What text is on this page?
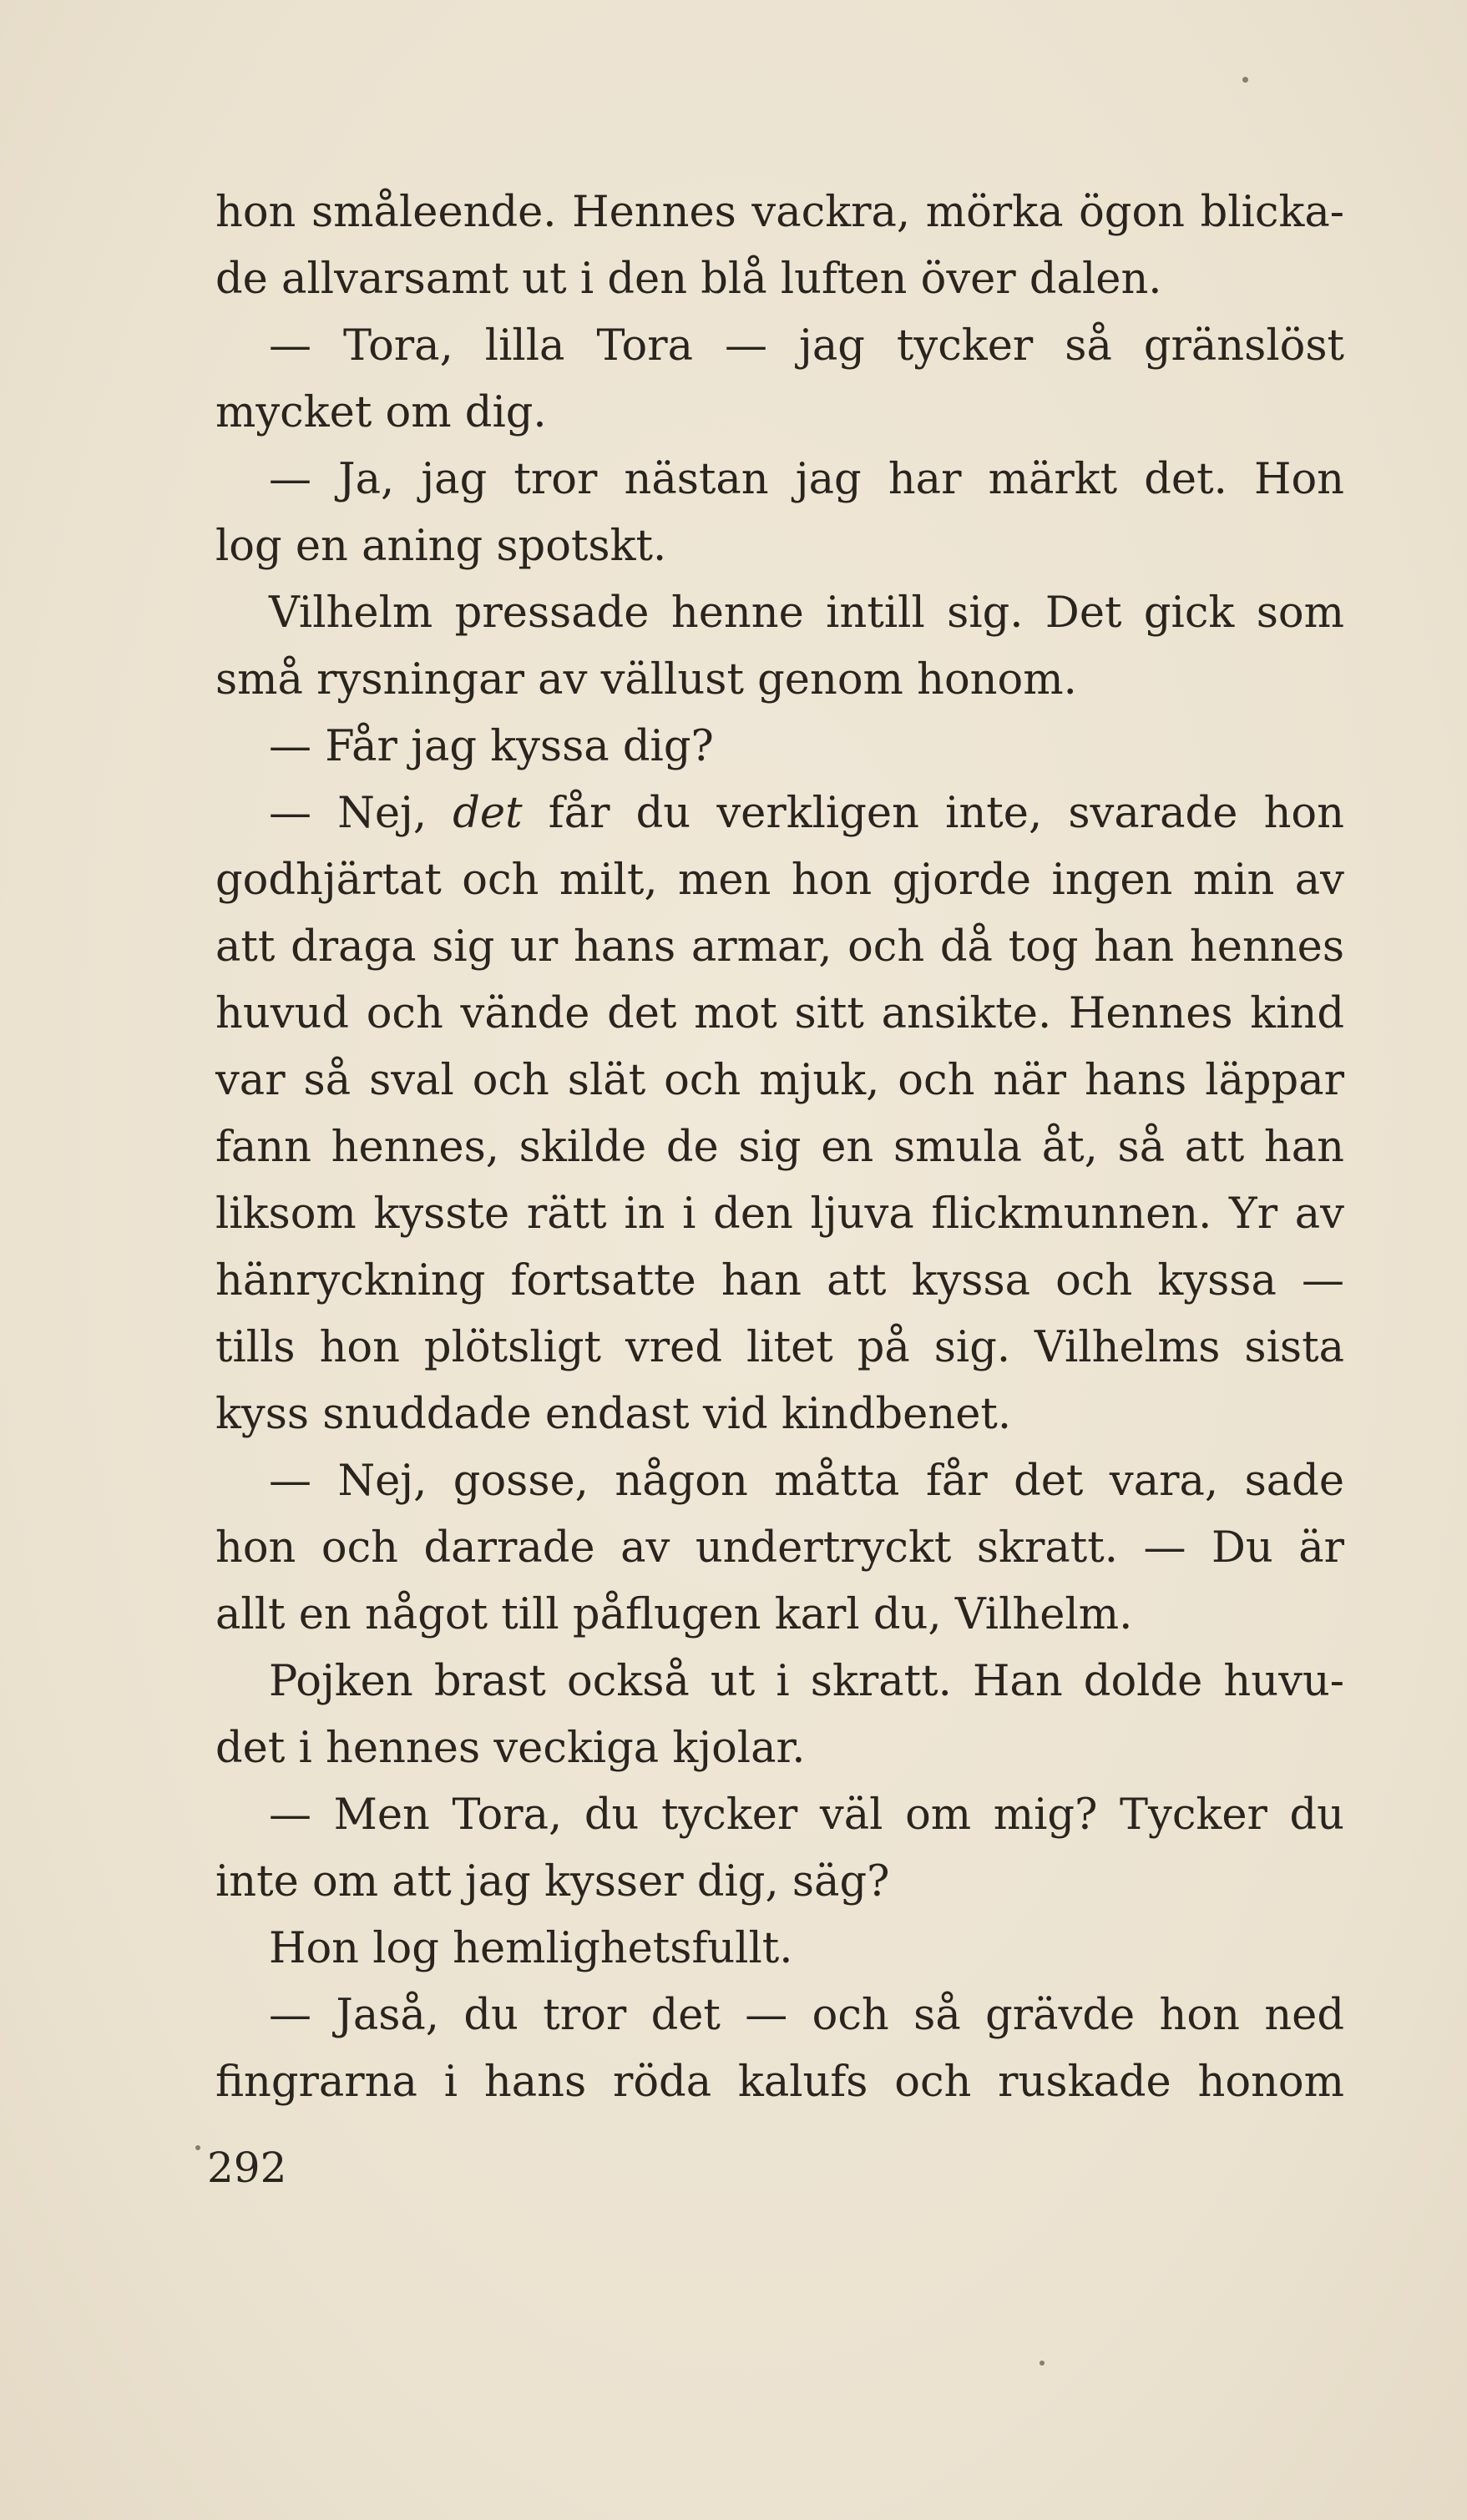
hon småleende. Hennes vackra, mörka ögon blicka-
de allvarsamt ut i den blå luften över dalen.
— Tora, lilla Tora — jag tycker så gränslöst
mycket om dig.
— Ja, jag tror nästan jag har märkt det. Hon
log en aning spotskt.
Vilhelm pressade henne intill sig. Det gick som
små rysningar av vällust genom honom.
— Får jag kyssa dig?
— Nej, det får du verkligen inte, svarade hon
godhjärtat och milt, men hon gjorde ingen min av
att draga sig ur hans armar, och då tog han hennes
huvud och vände det mot sitt ansikte. Hennes kind
var så sval och slät och mjuk, och när hans läppar
fann hennes, skilde de sig en smula åt, så att han
liksom kysste rätt in i den ljuva flickmunnen. Yr av
hänryckning fortsatte han att kyssa och kyssa —
tills hon plötsligt vred litet på sig. Vilhelms sista
kyss snuddade endast vid kindbenet.
— Nej, gosse, någon måtta får det vara, sade
hon och darrade av undertryckt skratt. — Du är
allt en något till påflugen karl du, Vilhelm.
Pojken brast också ut i skratt. Han dolde huvu-
det i hennes veckiga kjolar.
— Men Tora, du tycker väl om mig? Tycker du
inte om att jag kysser dig, säg?
Hon log hemlighetsfullt.
— Jaså, du tror det — och så grävde hon ned
fingrarna i hans röda kalufs och ruskade honom
292
